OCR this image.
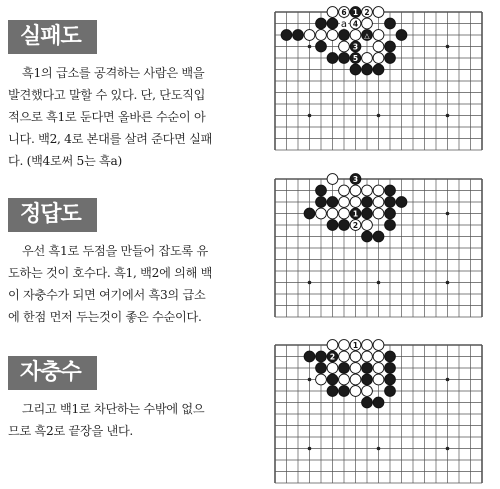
실패도
흑1의 급소를 공격하는 사람은 백을
발견했다고 말할 수 있다. 단, 단도직입
적으로 흑1로 둔다면 올바른 수순이 아
니다. 백2, 4로 본대를 살려 준다면 실패
다. (백4로써 5는 흑a)
정답도
우선 흑1로 두점을 만들어 잡도록 유
도하는 것이 호수다. 흑1, 백2에 의해 백
이 자충수가 되면 여기에서 흑3의 급소
에 한점 먼저 두는것이 좋은 수순이다.
자충수
그리고 백1로 차단하는 수밖에 없으
므로 흑2로 끝장을 낸다.
a
6 1 2
4
△
3
5
3
1
2
1
2
